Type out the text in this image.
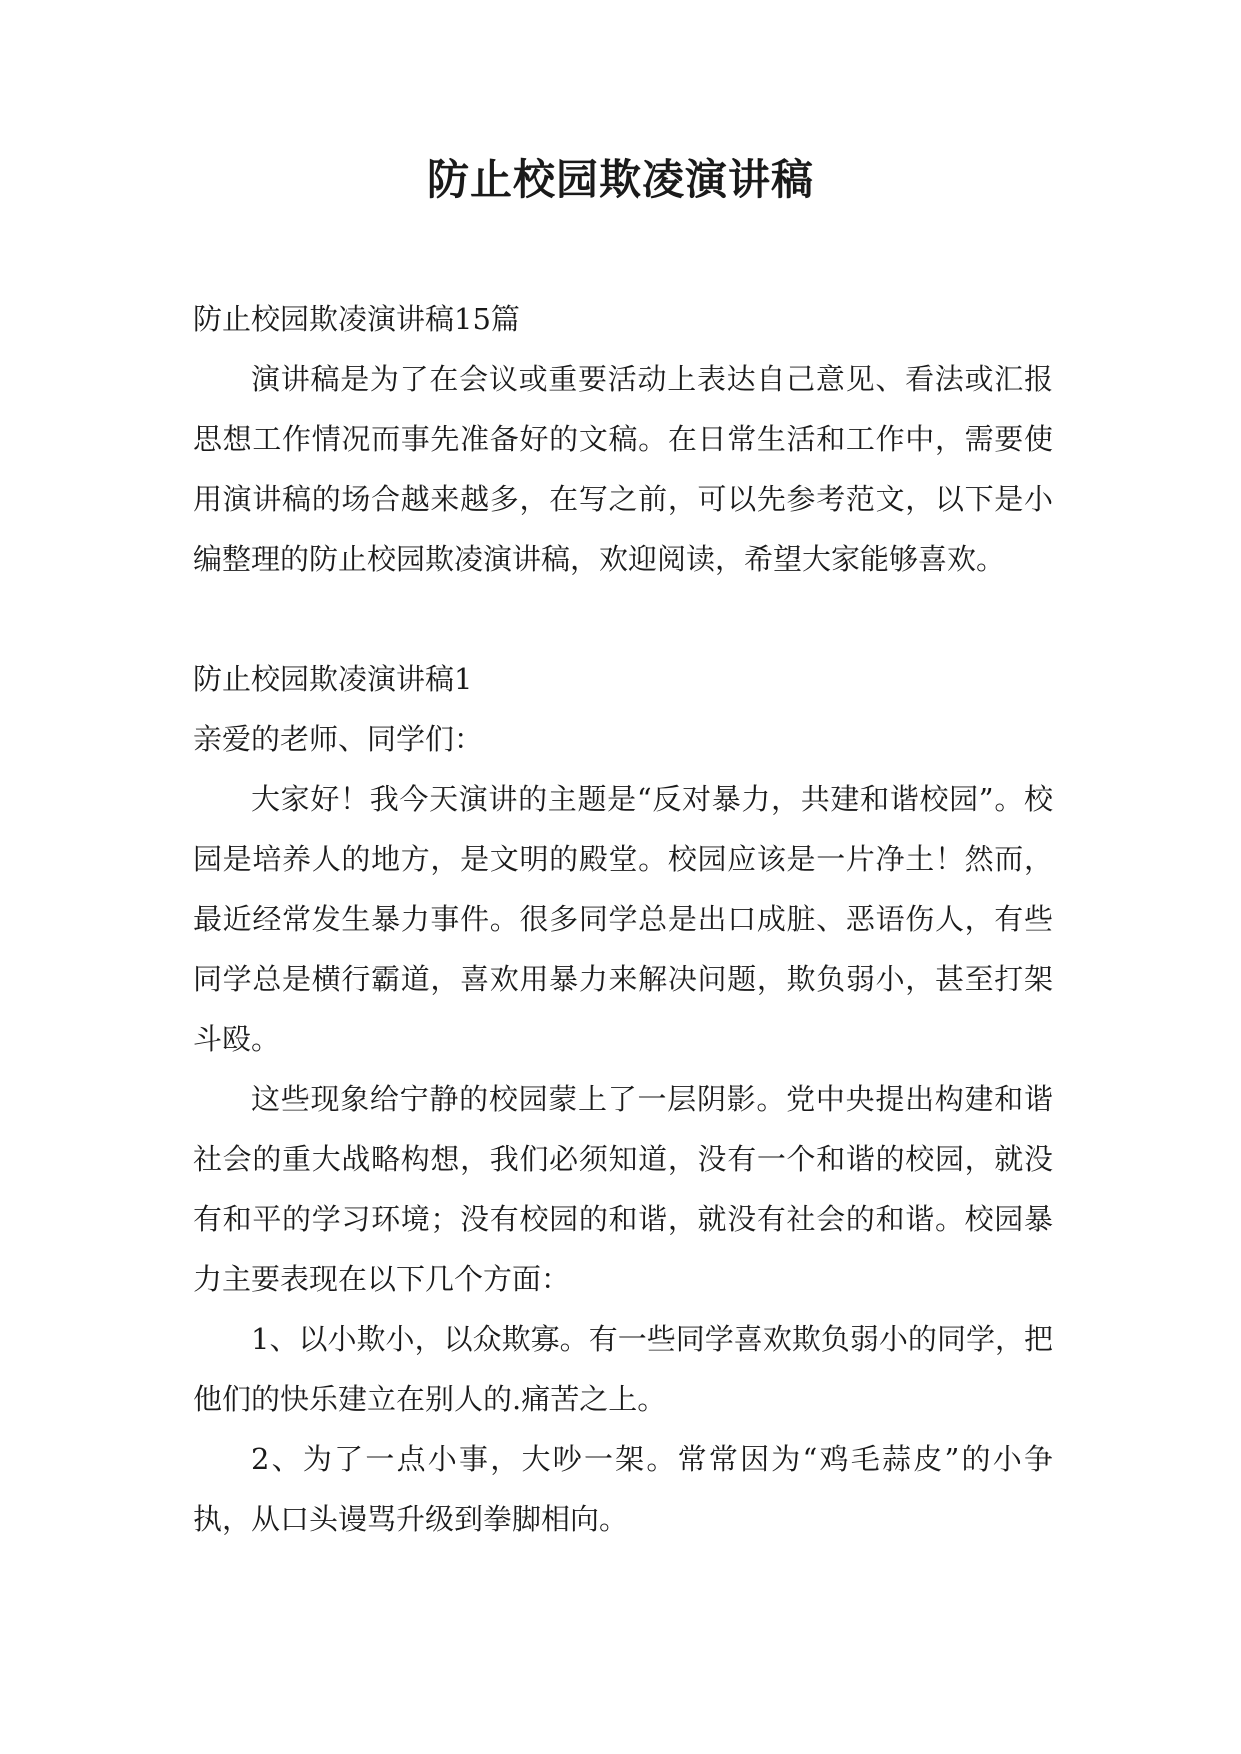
防止校园欺凌演讲稿

防止校园欺凌演讲稿15篇

演讲稿是为了在会议或重要活动上表达自己意见、看法或汇报思想工作情况而事先准备好的文稿。在日常生活和工作中，需要使用演讲稿的场合越来越多，在写之前，可以先参考范文，以下是小编整理的防止校园欺凌演讲稿，欢迎阅读，希望大家能够喜欢。

防止校园欺凌演讲稿1

亲爱的老师、同学们：

大家好！我今天演讲的主题是“反对暴力，共建和谐校园”。校园是培养人的地方，是文明的殿堂。校园应该是一片净土！然而，最近经常发生暴力事件。很多同学总是出口成脏、恶语伤人，有些同学总是横行霸道，喜欢用暴力来解决问题，欺负弱小，甚至打架斗殴。

这些现象给宁静的校园蒙上了一层阴影。党中央提出构建和谐社会的重大战略构想，我们必须知道，没有一个和谐的校园，就没有和平的学习环境；没有校园的和谐，就没有社会的和谐。校园暴力主要表现在以下几个方面：

1、以小欺小，以众欺寡。有一些同学喜欢欺负弱小的同学，把他们的快乐建立在别人的.痛苦之上。

2、为了一点小事，大吵一架。常常因为“鸡毛蒜皮”的小争执，从口头谩骂升级到拳脚相向。
